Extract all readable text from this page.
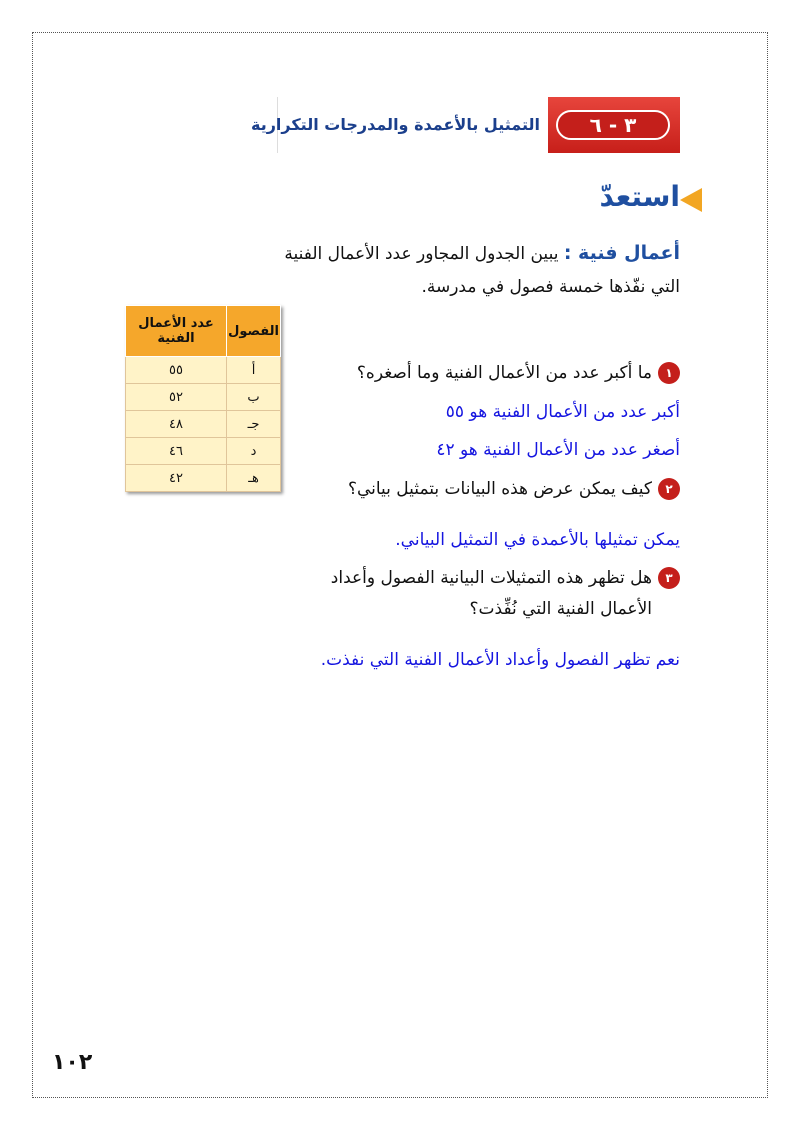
التمثيل بالأعمدة والمدرجات التكرارية	٣ - ٦
استعدّ
أعمال فنية : يبين الجدول المجاور عدد الأعمال الفنية التي نفّذها خمسة فصول في مدرسة.
الفصول	عدد الأعمال الفنية
أ	٥٥
ب	٥٢
جـ	٤٨
د	٤٦
هـ	٤٢
١ما أكبر عدد من الأعمال الفنية وما أصغره؟
أكبر عدد من الأعمال الفنية هو ٥٥
أصغر عدد من الأعمال الفنية هو ٤٢
٢كيف يمكن عرض هذه البيانات بتمثيل بياني؟
يمكن تمثيلها بالأعمدة في التمثيل البياني.
٣هل تظهر هذه التمثيلات البيانية الفصول وأعداد
الأعمال الفنية التي نُفِّذت؟
نعم تظهر الفصول وأعداد الأعمال الفنية التي نفذت.
١٠٢
